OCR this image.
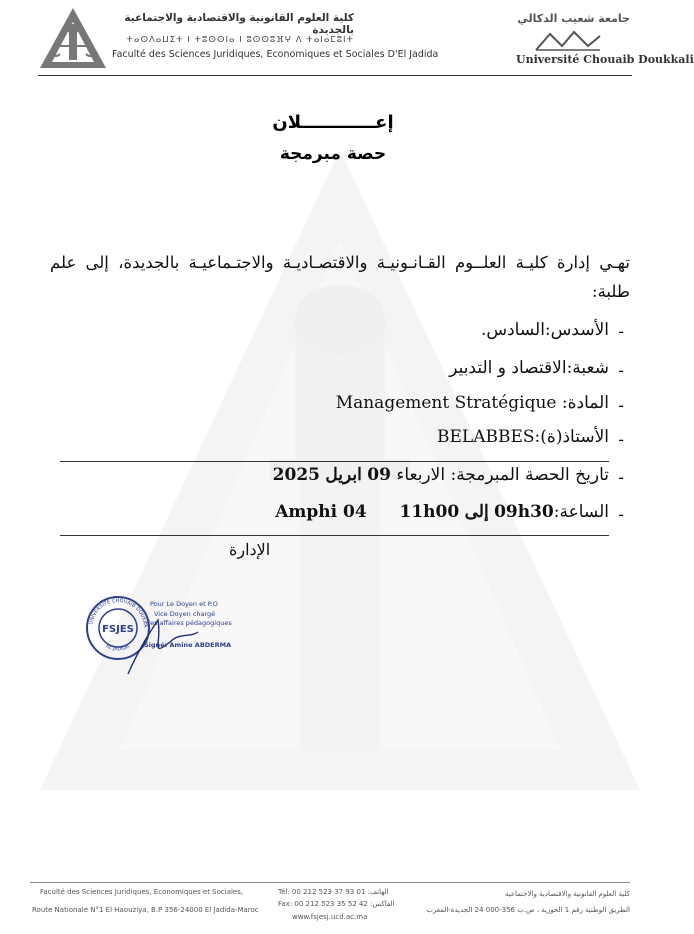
كلية العلوم القانونية والاقتصادية والاجتماعية بالجديدة
ⵜⴰⵙⴷⴰⵡⵉⵜ ⵏ ⵜⵓⵙⵙⵏⴰ ⵏ ⵓⵙⵙⵓⴼⵖ ⴷ ⵜⴰⵏⴰⵎⵓⵏⵜ
Faculté des Sciences Juridiques, Economiques et Sociales D'El Jadida
جامعة شعيب الدكالي
Université Chouaib Doukkali
إعــــــــــــلان
حصة مبرمجة
تهـي إدارة كليـة العلــوم القـانـونيـة والاقتصـاديـة والاجتـماعيـة بالجديدة، إلى علم طلبة:
-
الأسدس:السادس.
-
شعبة:الاقتصاد و التدبير
-
المادة: Management Stratégique
-
الأستاذ(ة):BELABBES
-
تاريخ الحصة المبرمجة: الاربعاء 09 ابريل 2025
-
الساعة:09h30 إلى 11h00  Amphi 04
الإدارة
UNIVERSITE CHOUAIB DOUKKA
EL JADIDA
FSJES
Pour Le Doyen et P.O
Vice Doyen chargé
des affaires pédagogiques
Signé: Amine ABDERMA
Faculté des Sciences Juridiques, Economiques et Sociales,
Route Nationale N°1 El Haouziya, B.P 356-24000 El Jadida-Maroc
Tél: 00 212 523 37 93 01 :الهاتف
Fax: 00 212 523 35 52 42 :الفاكس
www.fsjesj.ucd.ac.ma
كلية العلوم القانونية والاقتصادية والاجتماعية
الطريق الوطنية رقم 1 الحوزية ، ص.ب 356-000 24 الجديدة-المغرب
